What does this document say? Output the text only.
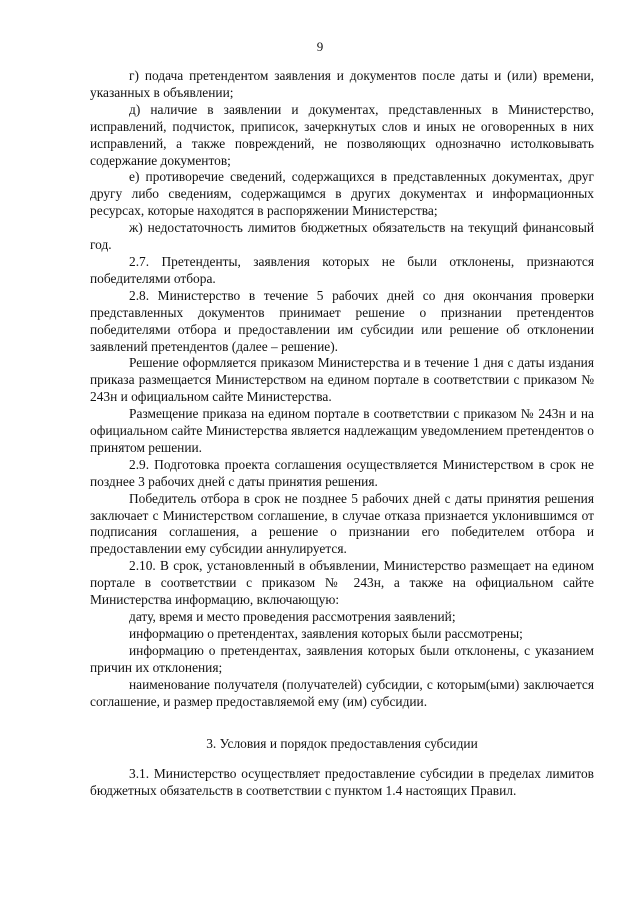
9

г) подача претендентом заявления и документов после даты и (или) времени, указанных в объявлении;

д) наличие в заявлении и документах, представленных в Министерство, исправлений, подчисток, приписок, зачеркнутых слов и иных не оговоренных в них исправлений, а также повреждений, не позволяющих однозначно истолковывать содержание документов;

е) противоречие сведений, содержащихся в представленных документах, друг другу либо сведениям, содержащимся в других документах и информационных ресурсах, которые находятся в распоряжении Министерства;

ж) недостаточность лимитов бюджетных обязательств на текущий финансовый год.

2.7. Претенденты, заявления которых не были отклонены, признаются победителями отбора.

2.8. Министерство в течение 5 рабочих дней со дня окончания проверки представленных документов принимает решение о признании претендентов победителями отбора и предоставлении им субсидии или решение об отклонении заявлений претендентов (далее – решение).

Решение оформляется приказом Министерства и в течение 1 дня с даты издания приказа размещается Министерством на едином портале в соответствии с приказом № 243н и официальном сайте Министерства.

Размещение приказа на едином портале в соответствии с приказом № 243н и на официальном сайте Министерства является надлежащим уведомлением претендентов о принятом решении.

2.9. Подготовка проекта соглашения осуществляется Министерством в срок не позднее 3 рабочих дней с даты принятия решения.

Победитель отбора в срок не позднее 5 рабочих дней с даты принятия решения заключает с Министерством соглашение, в случае отказа признается уклонившимся от подписания соглашения, а решение о признании его победителем отбора и предоставлении ему субсидии аннулируется.

2.10. В срок, установленный в объявлении, Министерство размещает на едином портале в соответствии с приказом № 243н, а также на официальном сайте Министерства информацию, включающую:

дату, время и место проведения рассмотрения заявлений;

информацию о претендентах, заявления которых были рассмотрены;

информацию о претендентах, заявления которых были отклонены, с указанием причин их отклонения;

наименование получателя (получателей) субсидии, с которым(ыми) заключается соглашение, и размер предоставляемой ему (им) субсидии.

3. Условия и порядок предоставления субсидии

3.1. Министерство осуществляет предоставление субсидии в пределах лимитов бюджетных обязательств в соответствии с пунктом 1.4 настоящих Правил.
